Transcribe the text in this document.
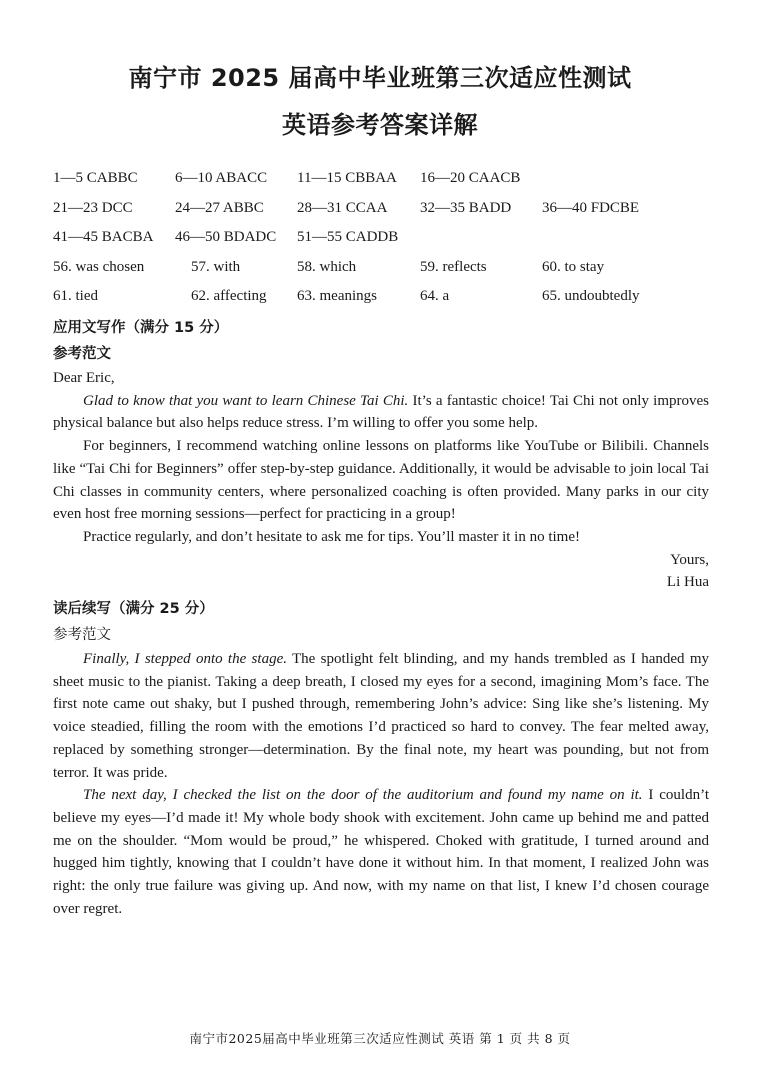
南宁市 2025 届高中毕业班第三次适应性测试
英语参考答案详解
1—5 CABBC 6—10 ABACC 11—15 CBBAA 16—20 CAACB
21—23 DCC	24—27 ABBC 28—31 CCAA 32—35 BADD 36—40 FDCBE
41—45 BACBA 46—50 BDADC 51—55 CADDB
56. was chosen	57. with	58. which	59. reflects	60. to stay
61. tied	62. affecting 63. meanings	64. a	65. undoubtedly
应用文写作（满分 15 分）
参考范文

Dear Eric,

Glad to know that you want to learn Chinese Tai Chi. It’s a fantastic choice! Tai Chi not only improves physical balance but also helps reduce stress. I’m willing to offer you some help.

For beginners, I recommend watching online lessons on platforms like YouTube or Bilibili. Channels like “Tai Chi for Beginners” offer step-by-step guidance. Additionally, it would be advisable to join local Tai Chi classes in community centers, where personalized coaching is often provided. Many parks in our city even host free morning sessions—perfect for practicing in a group!

Practice regularly, and don’t hesitate to ask me for tips. You’ll master it in no time!

Yours,

Li Hua

读后续写（满分 25 分）
参考范文

Finally, I stepped onto the stage. The spotlight felt blinding, and my hands trembled as I handed my sheet music to the pianist. Taking a deep breath, I closed my eyes for a second, imagining Mom’s face. The first note came out shaky, but I pushed through, remembering John’s advice: Sing like she’s listening. My voice steadied, filling the room with the emotions I’d practiced so hard to convey. The fear melted away, replaced by something stronger—determination. By the final note, my heart was pounding, but not from terror. It was pride.

The next day, I checked the list on the door of the auditorium and found my name on it. I couldn’t believe my eyes—I’d made it! My whole body shook with excitement. John came up behind me and patted me on the shoulder. “Mom would be proud,” he whispered. Choked with gratitude, I turned around and hugged him tightly, knowing that I couldn’t have done it without him. In that moment, I realized John was right: the only true failure was giving up. And now, with my name on that list, I knew I’d chosen courage over regret.

南宁市2025届高中毕业班第三次适应性测试 英语 第 1 页 共 8 页
